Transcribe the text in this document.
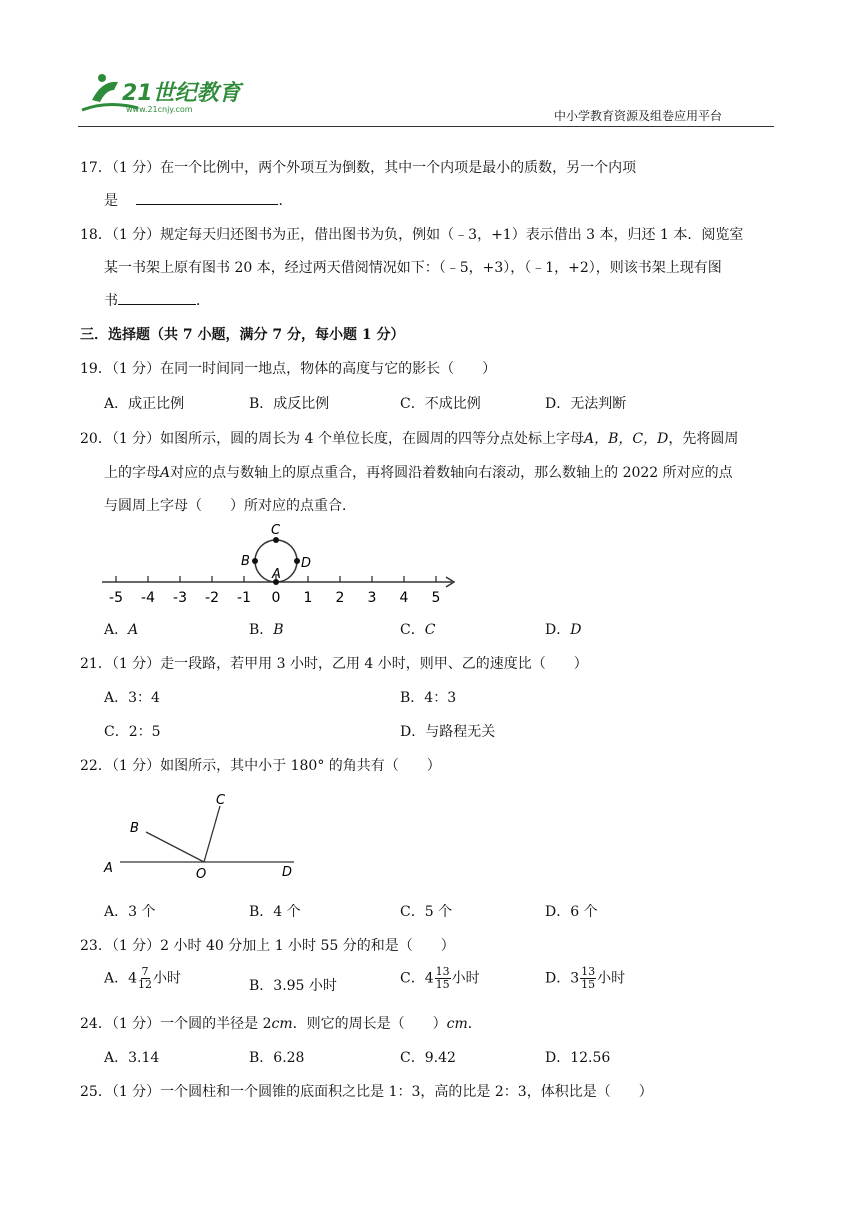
21世纪教育
www.21cnjy.com	中小学教育资源及组卷应用平台
17．（1 分）在一个比例中，两个外项互为倒数，其中一个内项是最小的质数，另一个内项
是	．
18．（1 分）规定每天归还图书为正，借出图书为负，例如（﹣3，+1）表示借出 3 本，归还 1 本．阅览室
某一书架上原有图书 20 本，经过两天借阅情况如下：（﹣5，+3），（﹣1，+2），则该书架上现有图
书	．
三．选择题（共 7 小题，满分 7 分，每小题 1 分）
19．（1 分）在同一时间同一地点，物体的高度与它的影长（　　）
A．成正比例	B．成反比例	C．不成比例	D．无法判断
20．（1 分）如图所示，圆的周长为 4 个单位长度，在圆周的四等分点处标上字母A，B，C，D，先将圆周
上的字母A对应的点与数轴上的原点重合，再将圆沿着数轴向右滚动，那么数轴上的 2022 所对应的点
与圆周上字母（　　）所对应的点重合．
-5 -4 -3 -2 -1 0 1 2 3 4 5
C
B
A
D
A．A	B．B	C．C	D．D
21．（1 分）走一段路，若甲用 3 小时，乙用 4 小时，则甲、乙的速度比（　　）
A．3：4	B．4：3
C．2：5	D．与路程无关
22．（1 分）如图所示，其中小于 180° 的角共有（　　）
A
B
C
O	D
A．3 个	B．4 个	C．5 个	D．6 个
23．（1 分）2 小时 40 分加上 1 小时 55 分的和是（　　）
A．$4 \frac{7}{12}$ 小时	B．3.95 小时	C．$4 \frac{13}{15}$ 小时	D．$3 \frac{13}{15}$ 小时
24．（1 分）一个圆的半径是 2cm．则它的周长是（　　）cm．
A．3.14	B．6.28	C．9.42	D．12.56
25．（1 分）一个圆柱和一个圆锥的底面积之比是 1：3，高的比是 2：3，体积比是（　　）
